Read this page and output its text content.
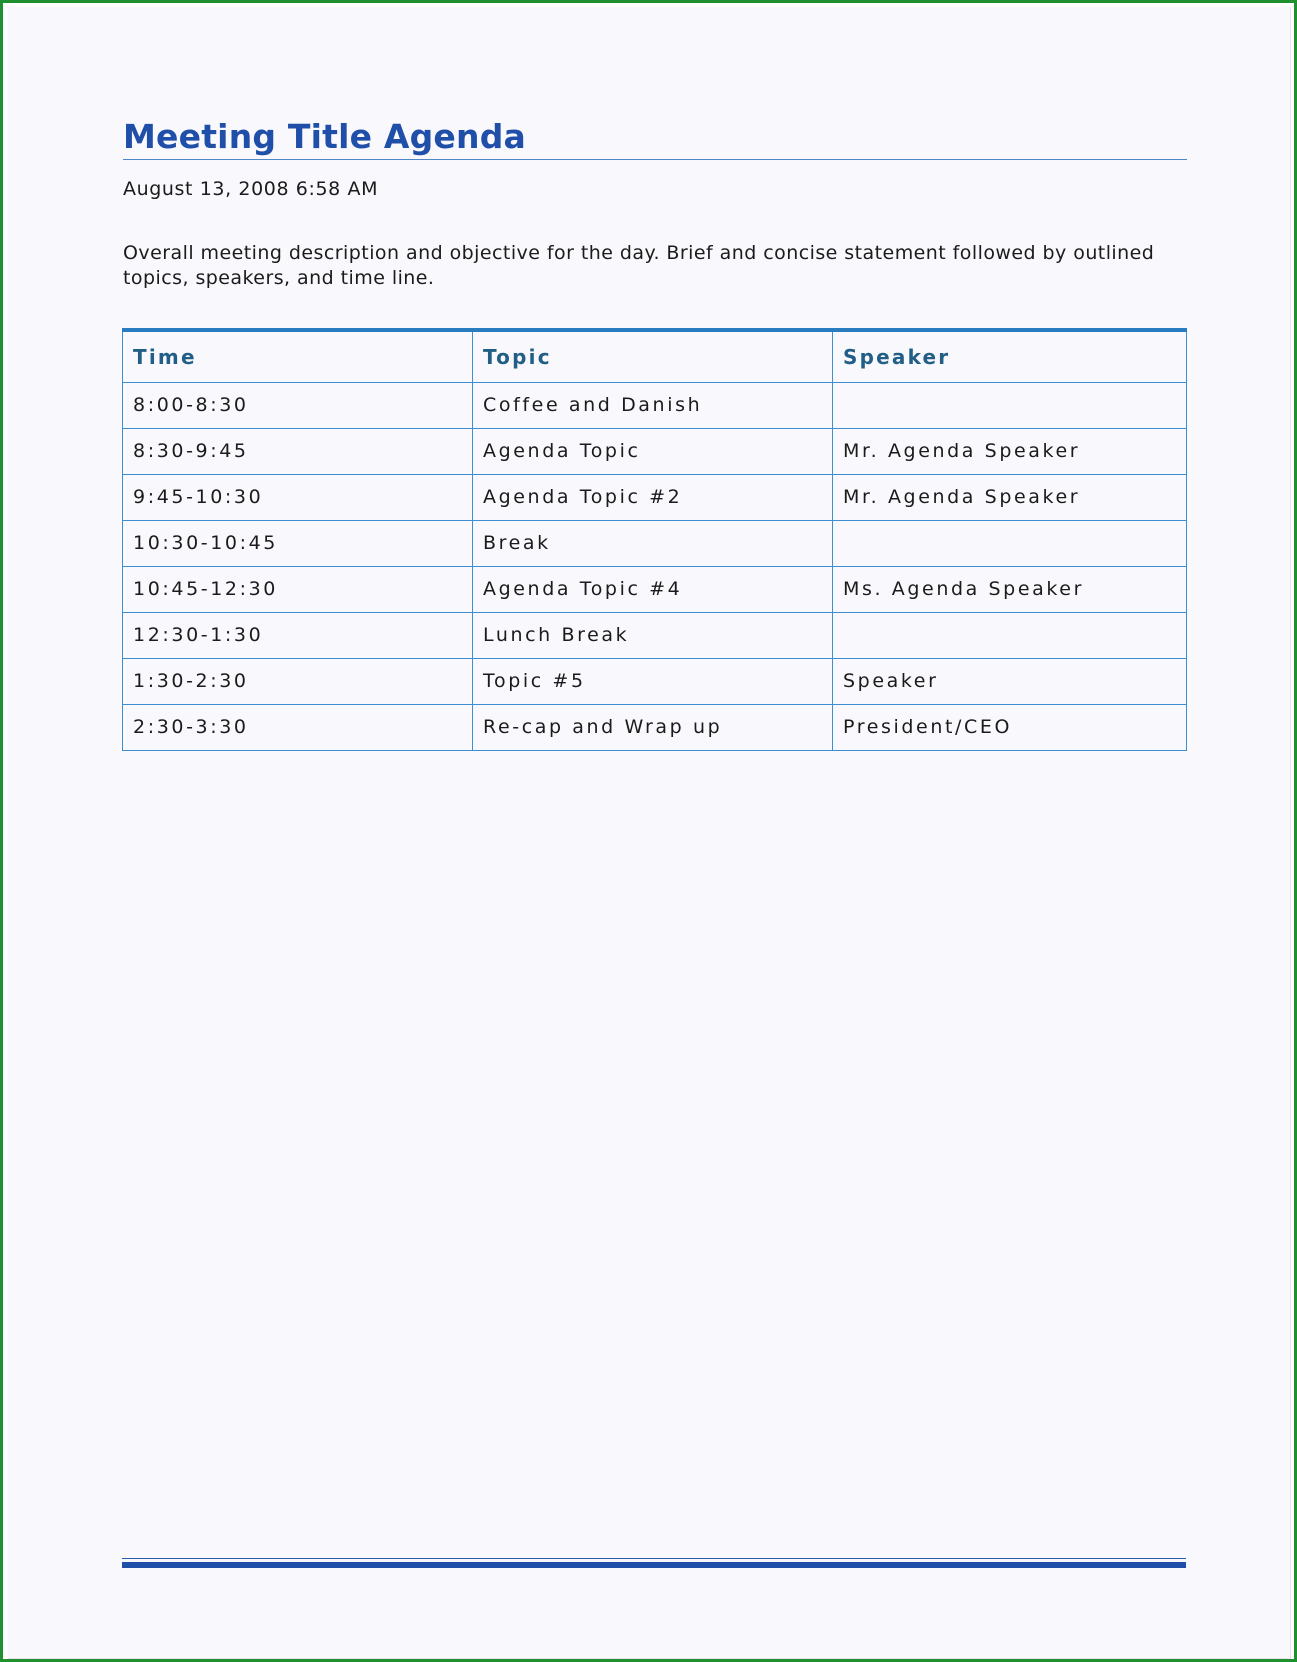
Meeting Title Agenda
August 13, 2008 6:58 AM

Overall meeting description and objective for the day. Brief and concise statement followed by outlined topics, speakers, and time line.

Time	Topic	Speaker
8:00-8:30	Coffee and Danish	
8:30-9:45	Agenda Topic	Mr. Agenda Speaker
9:45-10:30	Agenda Topic #2	Mr. Agenda Speaker
10:30-10:45	Break	
10:45-12:30	Agenda Topic #4	Ms. Agenda Speaker
12:30-1:30	Lunch Break	
1:30-2:30	Topic #5	Speaker
2:30-3:30	Re-cap and Wrap up	President/CEO
